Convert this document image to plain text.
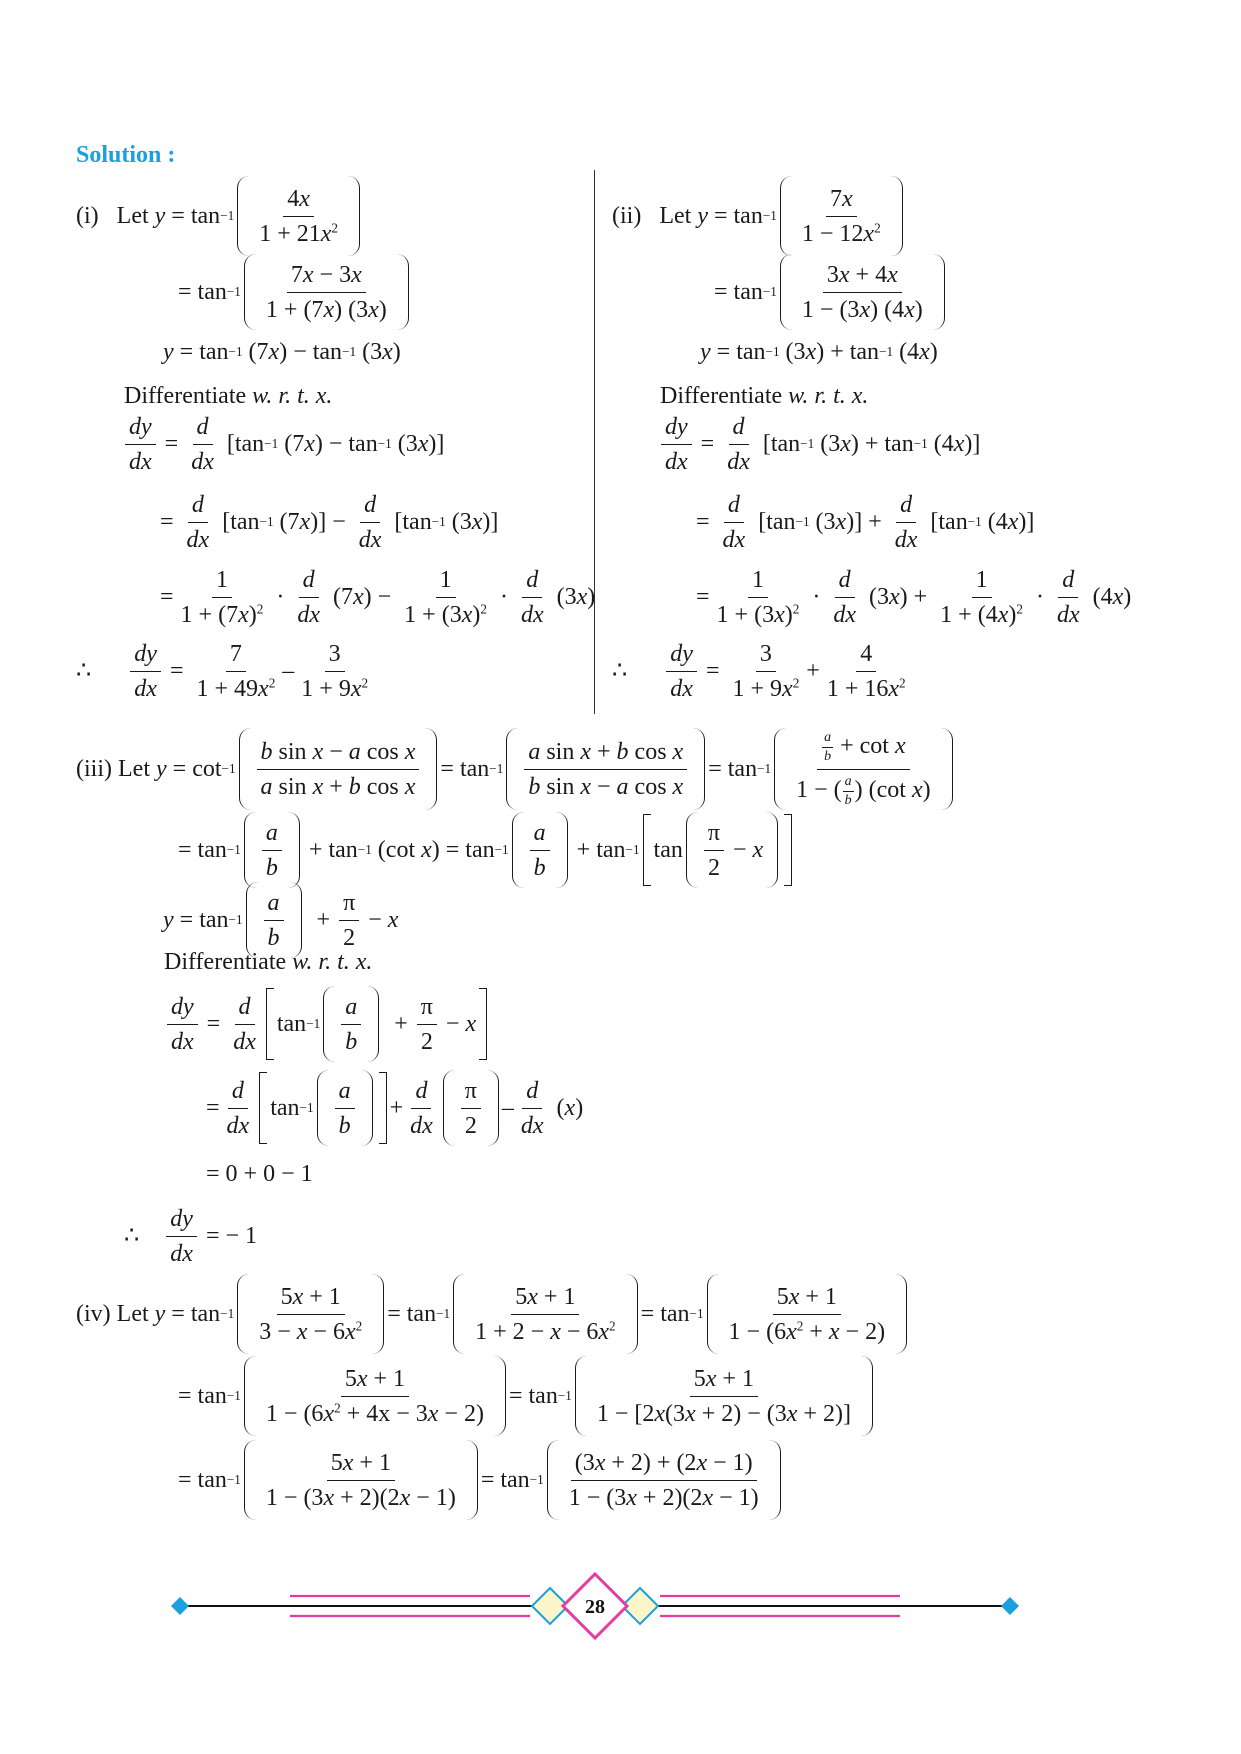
Solution :
(i)
Let $y = \tan -1 \frac{4x}{1 + 21x^2}$
= $\tan -1 \frac{7x - 3x}{1 + (7x) (3x)}$
y = tan −1 (7 x ) − tan −1 (3 x )
Differentiate w. r. t. x.
$\frac{dy}{dx} = \frac{d}{dx} [\tan -1$ (7 x ) − tan −1 (3 x )]
= $\frac{d}{dx} [\tan -1$ (7 x )] − $\frac{d}{dx} [\tan -1$ (3 x )]
= $\frac{1}{1 + (7x)^2} \cdot \frac{d}{dx} (7$ x ) − $\frac{1}{1 + (3x)^2} \cdot \frac{d}{dx} (3$ x )
∴
$\frac{dy}{dx} = \frac{7}{1 + 49x^2} - \frac{3}{1 + 9x^2}$
(ii)
Let $y = \tan -1 \frac{7x}{1 - 12x^2}$
= $\tan -1 \frac{3x + 4x}{1 - (3x) (4x)}$
y = tan −1 (3 x ) + tan −1 (4 x )
Differentiate w. r. t. x.
$\frac{dy}{dx} = \frac{d}{dx} [\tan -1$ (3 x ) + tan −1 (4 x )]
= $\frac{d}{dx} [\tan -1$ (3 x )] + $\frac{d}{dx} [\tan -1$ (4 x )]
= $\frac{1}{1 + (3x)^2} \cdot \frac{d}{dx} (3$ x ) + $\frac{1}{1 + (4x)^2} \cdot \frac{d}{dx} (4$ x )
∴
$\frac{dy}{dx} = \frac{3}{1 + 9x^2} + \frac{4}{1 + 16x^2}$
(iii)
Let $y = \cot -1 \frac{\text{b sin x − a cos x}}{\text{a sin x + b cos x}} = \tan -1 \frac{\text{a sin x + b cos x}}{\text{b sin x − a cos x}} = \tan -1 \frac{\frac{a}{b} + \cot x}{1 - ( \frac{a}{b} ) (\cot x)}$
= $\tan -1 \frac{a}{b} + \tan -1$ (cot x ) = $\tan -1 \frac{a}{b} + \tan -1$ $\tan \frac{\pi}{2} - x$
$y = \tan -1 \frac{a}{b} + \frac{\pi}{2} - x$
Differentiate w. r. t. x.
$\frac{dy}{dx} = \frac{d}{dx}$ $\tan -1 \frac{a}{b} + \frac{\pi}{2} - x$
= $\frac{d}{dx}$ $\tan -1 \frac{a}{b} + \frac{d}{dx} \frac{\pi}{2} - \frac{d}{dx}$ ( x )
= 0 + 0 − 1
∴
$\frac{dy}{dx}$
= − 1
(iv)
Let $y = \tan -1 \frac{5x + 1}{3 - x - 6x^2} = \tan -1 \frac{5x + 1}{1 + 2 - x - 6x^2} = \tan -1 \frac{5x + 1}{1 - (6x^2 + x - 2)}$
= $\tan -1 \frac{5x + 1}{1 - (6x^2 + 4x - 3x - 2)} = \tan -1 \frac{5x + 1}{1 - [2x(3x + 2) - (3x + 2)]}$
= $\tan -1 \frac{5x + 1}{1 - (3x + 2)(2x - 1)} = \tan -1 \frac{(3x + 2) + (2x - 1)}{1 - (3x + 2)(2x - 1)}$
28
